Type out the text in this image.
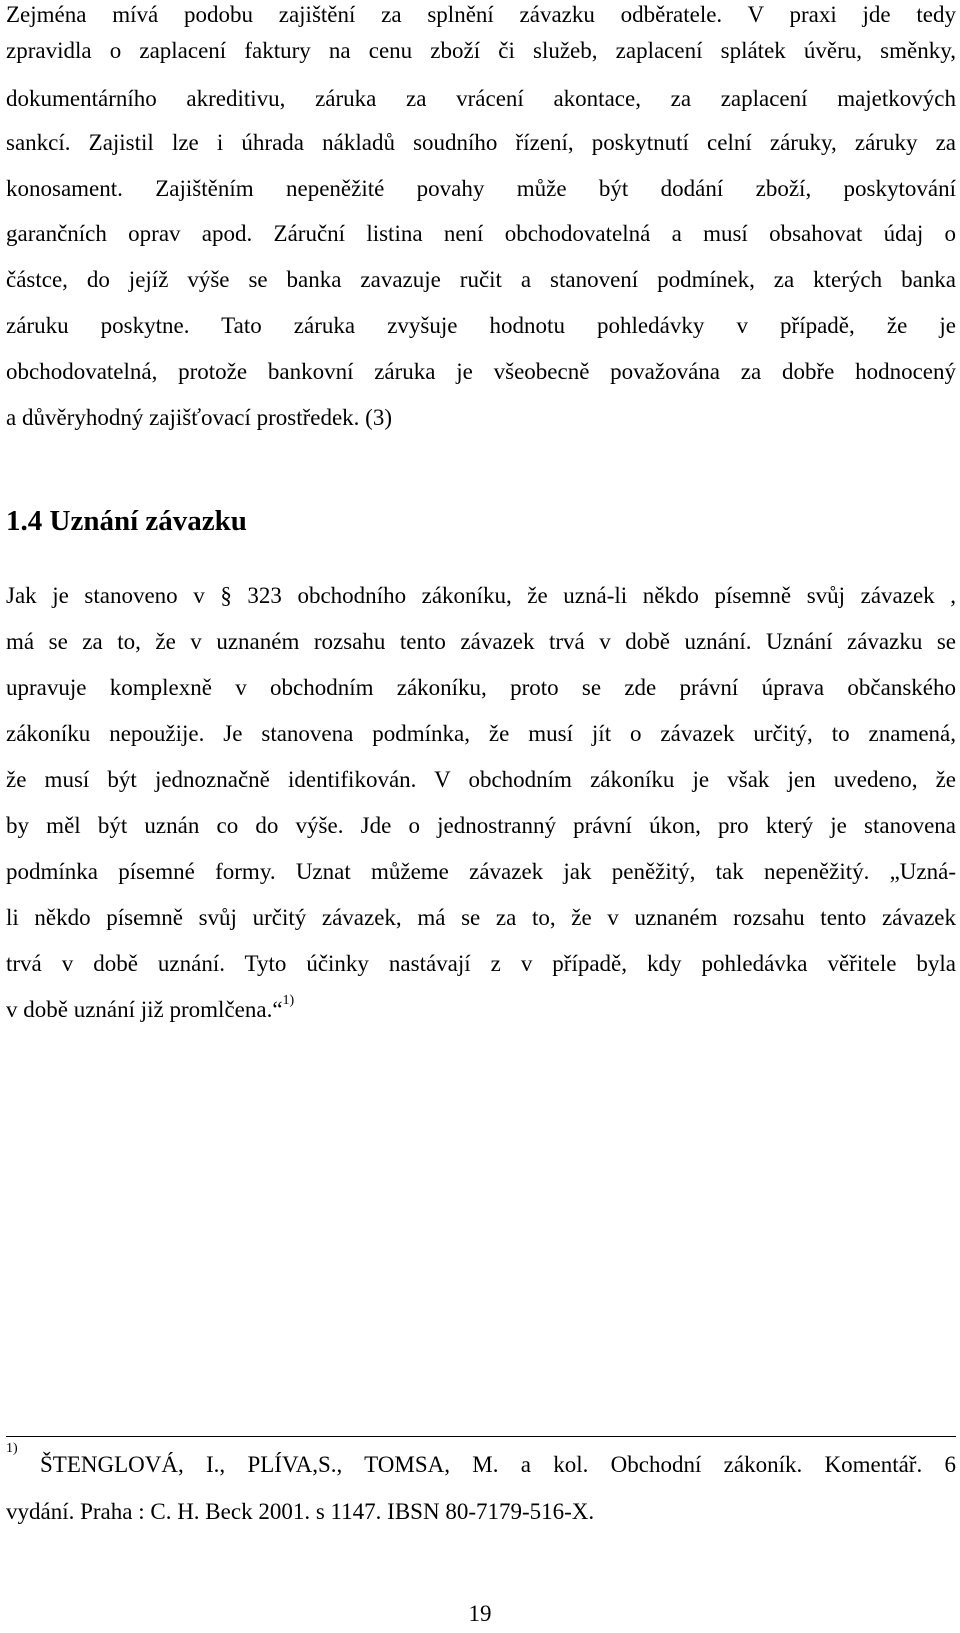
Zejména mívá podobu zajištění za splnění závazku odběratele. V praxi jde tedy
zpravidla o zaplacení faktury na cenu zboží či služeb, zaplacení splátek úvěru, směnky,
dokumentárního akreditivu, záruka za vrácení akontace, za zaplacení majetkových
sankcí. Zajistil lze i úhrada nákladů soudního řízení, poskytnutí celní záruky, záruky za
konosament. Zajištěním nepeněžité povahy může být dodání zboží, poskytování
garančních oprav apod. Záruční listina není obchodovatelná a musí obsahovat údaj o
částce, do jejíž výše se banka zavazuje ručit a stanovení podmínek, za kterých banka
záruku poskytne. Tato záruka zvyšuje hodnotu pohledávky v případě, že je
obchodovatelná, protože bankovní záruka je všeobecně považována za dobře hodnocený
a důvěryhodný zajišťovací prostředek. (3)
1.4 Uznání závazku
Jak je stanoveno v § 323 obchodního zákoníku, že uzná-li někdo písemně svůj závazek ,
má se za to, že v uznaném rozsahu tento závazek trvá v době uznání. Uznání závazku se
upravuje komplexně v obchodním zákoníku, proto se zde právní úprava občanského
zákoníku nepoužije. Je stanovena podmínka, že musí jít o závazek určitý, to znamená,
že musí být jednoznačně identifikován. V obchodním zákoníku je však jen uvedeno, že
by měl být uznán co do výše. Jde o jednostranný právní úkon, pro který je stanovena
podmínka písemné formy. Uznat můžeme závazek jak peněžitý, tak nepeněžitý. „Uzná-
li někdo písemně svůj určitý závazek, má se za to, že v uznaném rozsahu tento závazek
trvá v době uznání. Tyto účinky nastávají z v případě, kdy pohledávka věřitele byla
v době uznání již promlčena.“$^{1)}$
1)
ŠTENGLOVÁ, I., PLÍVA,S., TOMSA, M. a kol. Obchodní zákoník. Komentář. 6
vydání. Praha : C. H. Beck 2001. s 1147. IBSN 80-7179-516-X.
19
